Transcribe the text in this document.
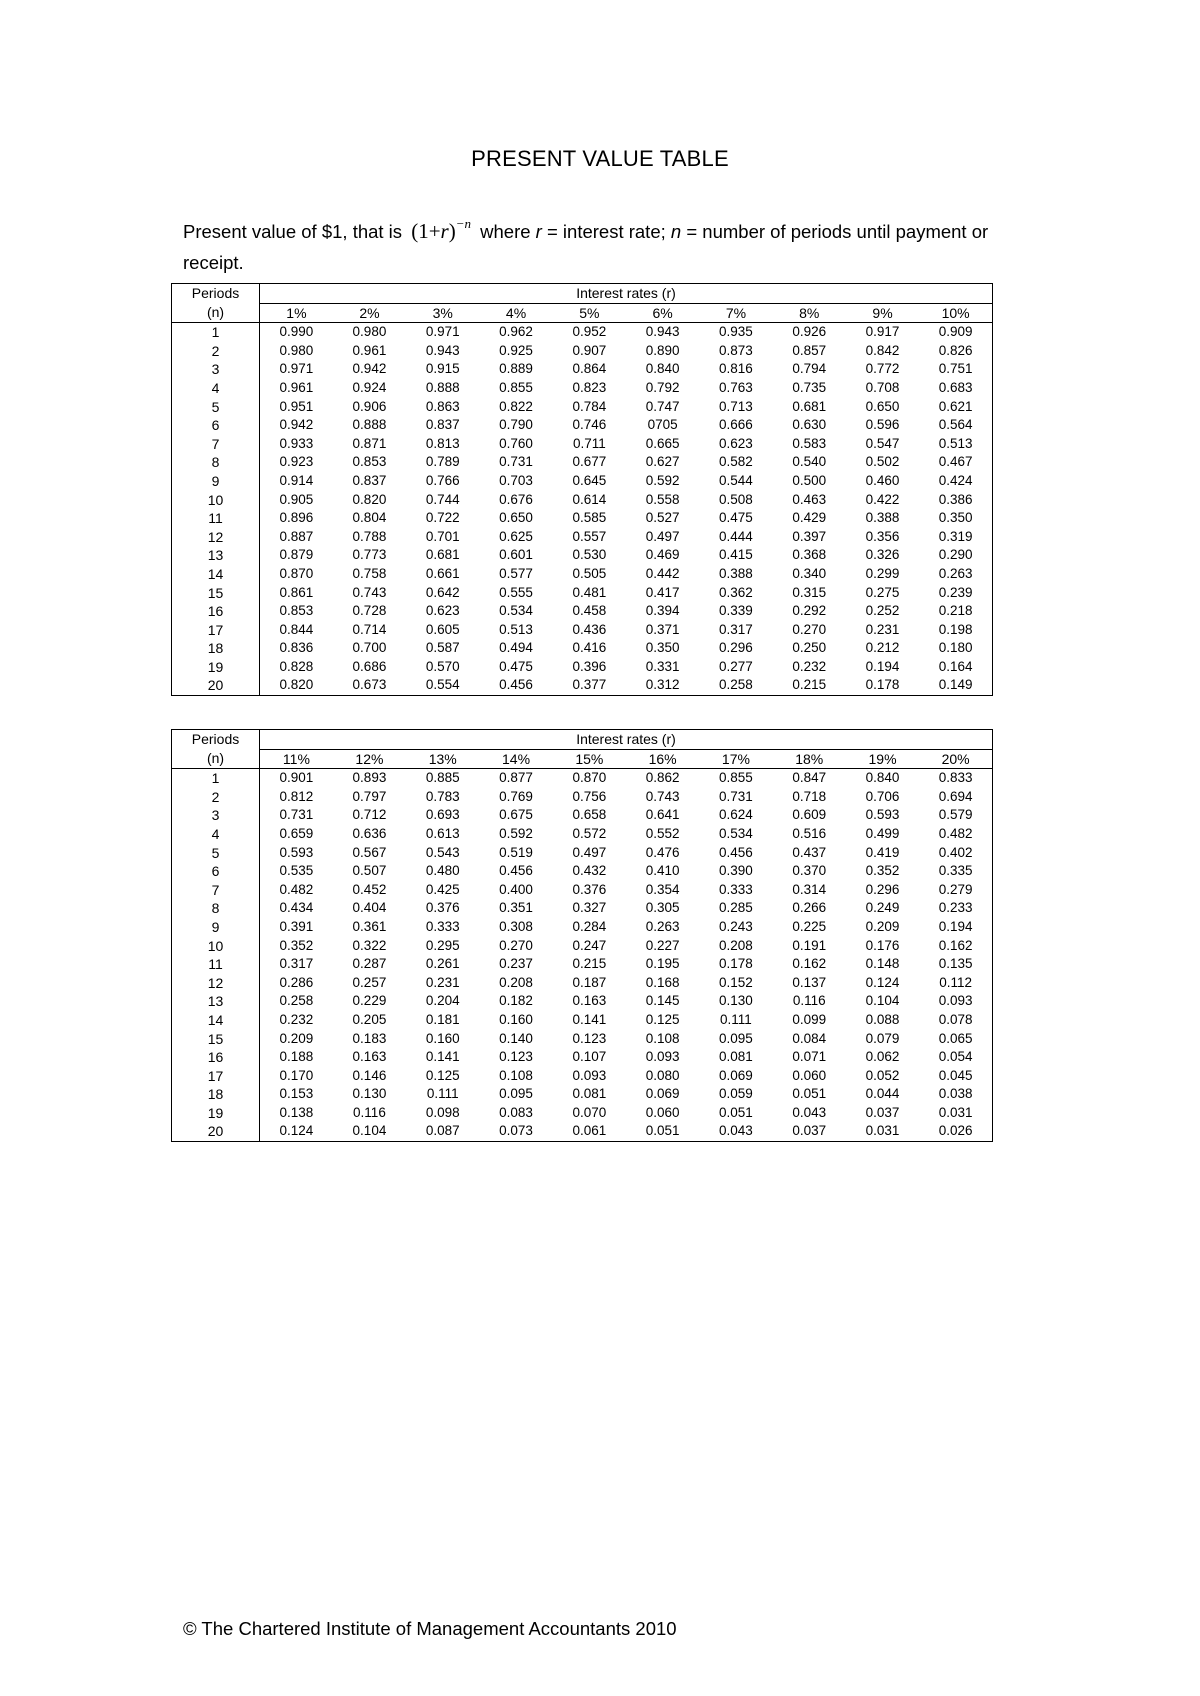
PRESENT VALUE TABLE
Present value of $1, that is $(1+r)^{-n}$ where r = interest rate; n = number of periods until payment or receipt.
Periods	Interest rates (r)									
(n)	1%	2%	3%	4%	5%	6%	7%	8%	9%	10%
1	0.990	0.980	0.971	0.962	0.952	0.943	0.935	0.926	0.917	0.909
2	0.980	0.961	0.943	0.925	0.907	0.890	0.873	0.857	0.842	0.826
3	0.971	0.942	0.915	0.889	0.864	0.840	0.816	0.794	0.772	0.751
4	0.961	0.924	0.888	0.855	0.823	0.792	0.763	0.735	0.708	0.683
5	0.951	0.906	0.863	0.822	0.784	0.747	0.713	0.681	0.650	0.621
6	0.942	0.888	0.837	0.790	0.746	0705	0.666	0.630	0.596	0.564
7	0.933	0.871	0.813	0.760	0.711	0.665	0.623	0.583	0.547	0.513
8	0.923	0.853	0.789	0.731	0.677	0.627	0.582	0.540	0.502	0.467
9	0.914	0.837	0.766	0.703	0.645	0.592	0.544	0.500	0.460	0.424
10	0.905	0.820	0.744	0.676	0.614	0.558	0.508	0.463	0.422	0.386
11	0.896	0.804	0.722	0.650	0.585	0.527	0.475	0.429	0.388	0.350
12	0.887	0.788	0.701	0.625	0.557	0.497	0.444	0.397	0.356	0.319
13	0.879	0.773	0.681	0.601	0.530	0.469	0.415	0.368	0.326	0.290
14	0.870	0.758	0.661	0.577	0.505	0.442	0.388	0.340	0.299	0.263
15	0.861	0.743	0.642	0.555	0.481	0.417	0.362	0.315	0.275	0.239
16	0.853	0.728	0.623	0.534	0.458	0.394	0.339	0.292	0.252	0.218
17	0.844	0.714	0.605	0.513	0.436	0.371	0.317	0.270	0.231	0.198
18	0.836	0.700	0.587	0.494	0.416	0.350	0.296	0.250	0.212	0.180
19	0.828	0.686	0.570	0.475	0.396	0.331	0.277	0.232	0.194	0.164
20	0.820	0.673	0.554	0.456	0.377	0.312	0.258	0.215	0.178	0.149
Periods	Interest rates (r)									
(n)	11%	12%	13%	14%	15%	16%	17%	18%	19%	20%
1	0.901	0.893	0.885	0.877	0.870	0.862	0.855	0.847	0.840	0.833
2	0.812	0.797	0.783	0.769	0.756	0.743	0.731	0.718	0.706	0.694
3	0.731	0.712	0.693	0.675	0.658	0.641	0.624	0.609	0.593	0.579
4	0.659	0.636	0.613	0.592	0.572	0.552	0.534	0.516	0.499	0.482
5	0.593	0.567	0.543	0.519	0.497	0.476	0.456	0.437	0.419	0.402
6	0.535	0.507	0.480	0.456	0.432	0.410	0.390	0.370	0.352	0.335
7	0.482	0.452	0.425	0.400	0.376	0.354	0.333	0.314	0.296	0.279
8	0.434	0.404	0.376	0.351	0.327	0.305	0.285	0.266	0.249	0.233
9	0.391	0.361	0.333	0.308	0.284	0.263	0.243	0.225	0.209	0.194
10	0.352	0.322	0.295	0.270	0.247	0.227	0.208	0.191	0.176	0.162
11	0.317	0.287	0.261	0.237	0.215	0.195	0.178	0.162	0.148	0.135
12	0.286	0.257	0.231	0.208	0.187	0.168	0.152	0.137	0.124	0.112
13	0.258	0.229	0.204	0.182	0.163	0.145	0.130	0.116	0.104	0.093
14	0.232	0.205	0.181	0.160	0.141	0.125	0.111	0.099	0.088	0.078
15	0.209	0.183	0.160	0.140	0.123	0.108	0.095	0.084	0.079	0.065
16	0.188	0.163	0.141	0.123	0.107	0.093	0.081	0.071	0.062	0.054
17	0.170	0.146	0.125	0.108	0.093	0.080	0.069	0.060	0.052	0.045
18	0.153	0.130	0.111	0.095	0.081	0.069	0.059	0.051	0.044	0.038
19	0.138	0.116	0.098	0.083	0.070	0.060	0.051	0.043	0.037	0.031
20	0.124	0.104	0.087	0.073	0.061	0.051	0.043	0.037	0.031	0.026
© The Chartered Institute of Management Accountants 2010
